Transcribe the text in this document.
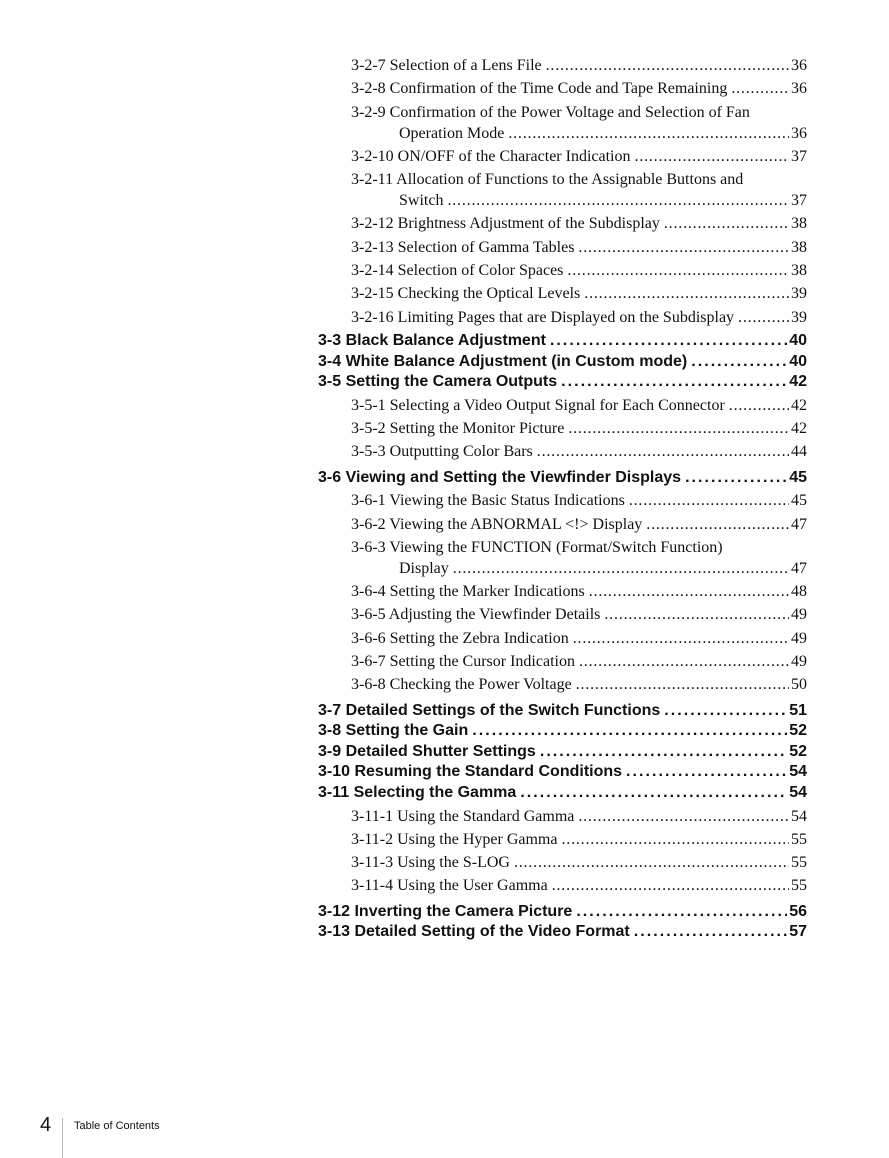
3-2-7 Selection of a Lens File . . .	36
3-2-8 Confirmation of the Time Code and Tape Remaining . . .	36
3-2-9 Confirmation of the Power Voltage and Selection of Fan
Operation Mode . . .	36
3-2-10 ON/OFF of the Character Indication . . .	37
3-2-11 Allocation of Functions to the Assignable Buttons and
Switch . . .	37
3-2-12 Brightness Adjustment of the Subdisplay . . .	38
3-2-13 Selection of Gamma Tables . . .	38
3-2-14 Selection of Color Spaces . . .	38
3-2-15 Checking the Optical Levels . . .	39
3-2-16 Limiting Pages that are Displayed on the Subdisplay . . .	39
3-3 Black Balance Adjustment . . .	40
3-4 White Balance Adjustment (in Custom mode) . . .	40
3-5 Setting the Camera Outputs . . .	42
3-5-1 Selecting a Video Output Signal for Each Connector . . .	42
3-5-2 Setting the Monitor Picture . . .	42
3-5-3 Outputting Color Bars . . .	44
3-6 Viewing and Setting the Viewfinder Displays . . .	45
3-6-1 Viewing the Basic Status Indications . . .	45
3-6-2 Viewing the ABNORMAL <!> Display . . .	47
3-6-3 Viewing the FUNCTION (Format/Switch Function)
Display . . .	47
3-6-4 Setting the Marker Indications . . .	48
3-6-5 Adjusting the Viewfinder Details . . .	49
3-6-6 Setting the Zebra Indication . . .	49
3-6-7 Setting the Cursor Indication . . .	49
3-6-8 Checking the Power Voltage . . .	50
3-7 Detailed Settings of the Switch Functions . . .	51
3-8 Setting the Gain . . .	52
3-9 Detailed Shutter Settings . . .	52
3-10 Resuming the Standard Conditions . . .	54
3-11 Selecting the Gamma . . .	54
3-11-1 Using the Standard Gamma . . .	54
3-11-2 Using the Hyper Gamma . . .	55
3-11-3 Using the S-LOG . . .	55
3-11-4 Using the User Gamma . . .	55
3-12 Inverting the Camera Picture . . .	56
3-13 Detailed Setting of the Video Format . . .	57
4 Table of Contents
